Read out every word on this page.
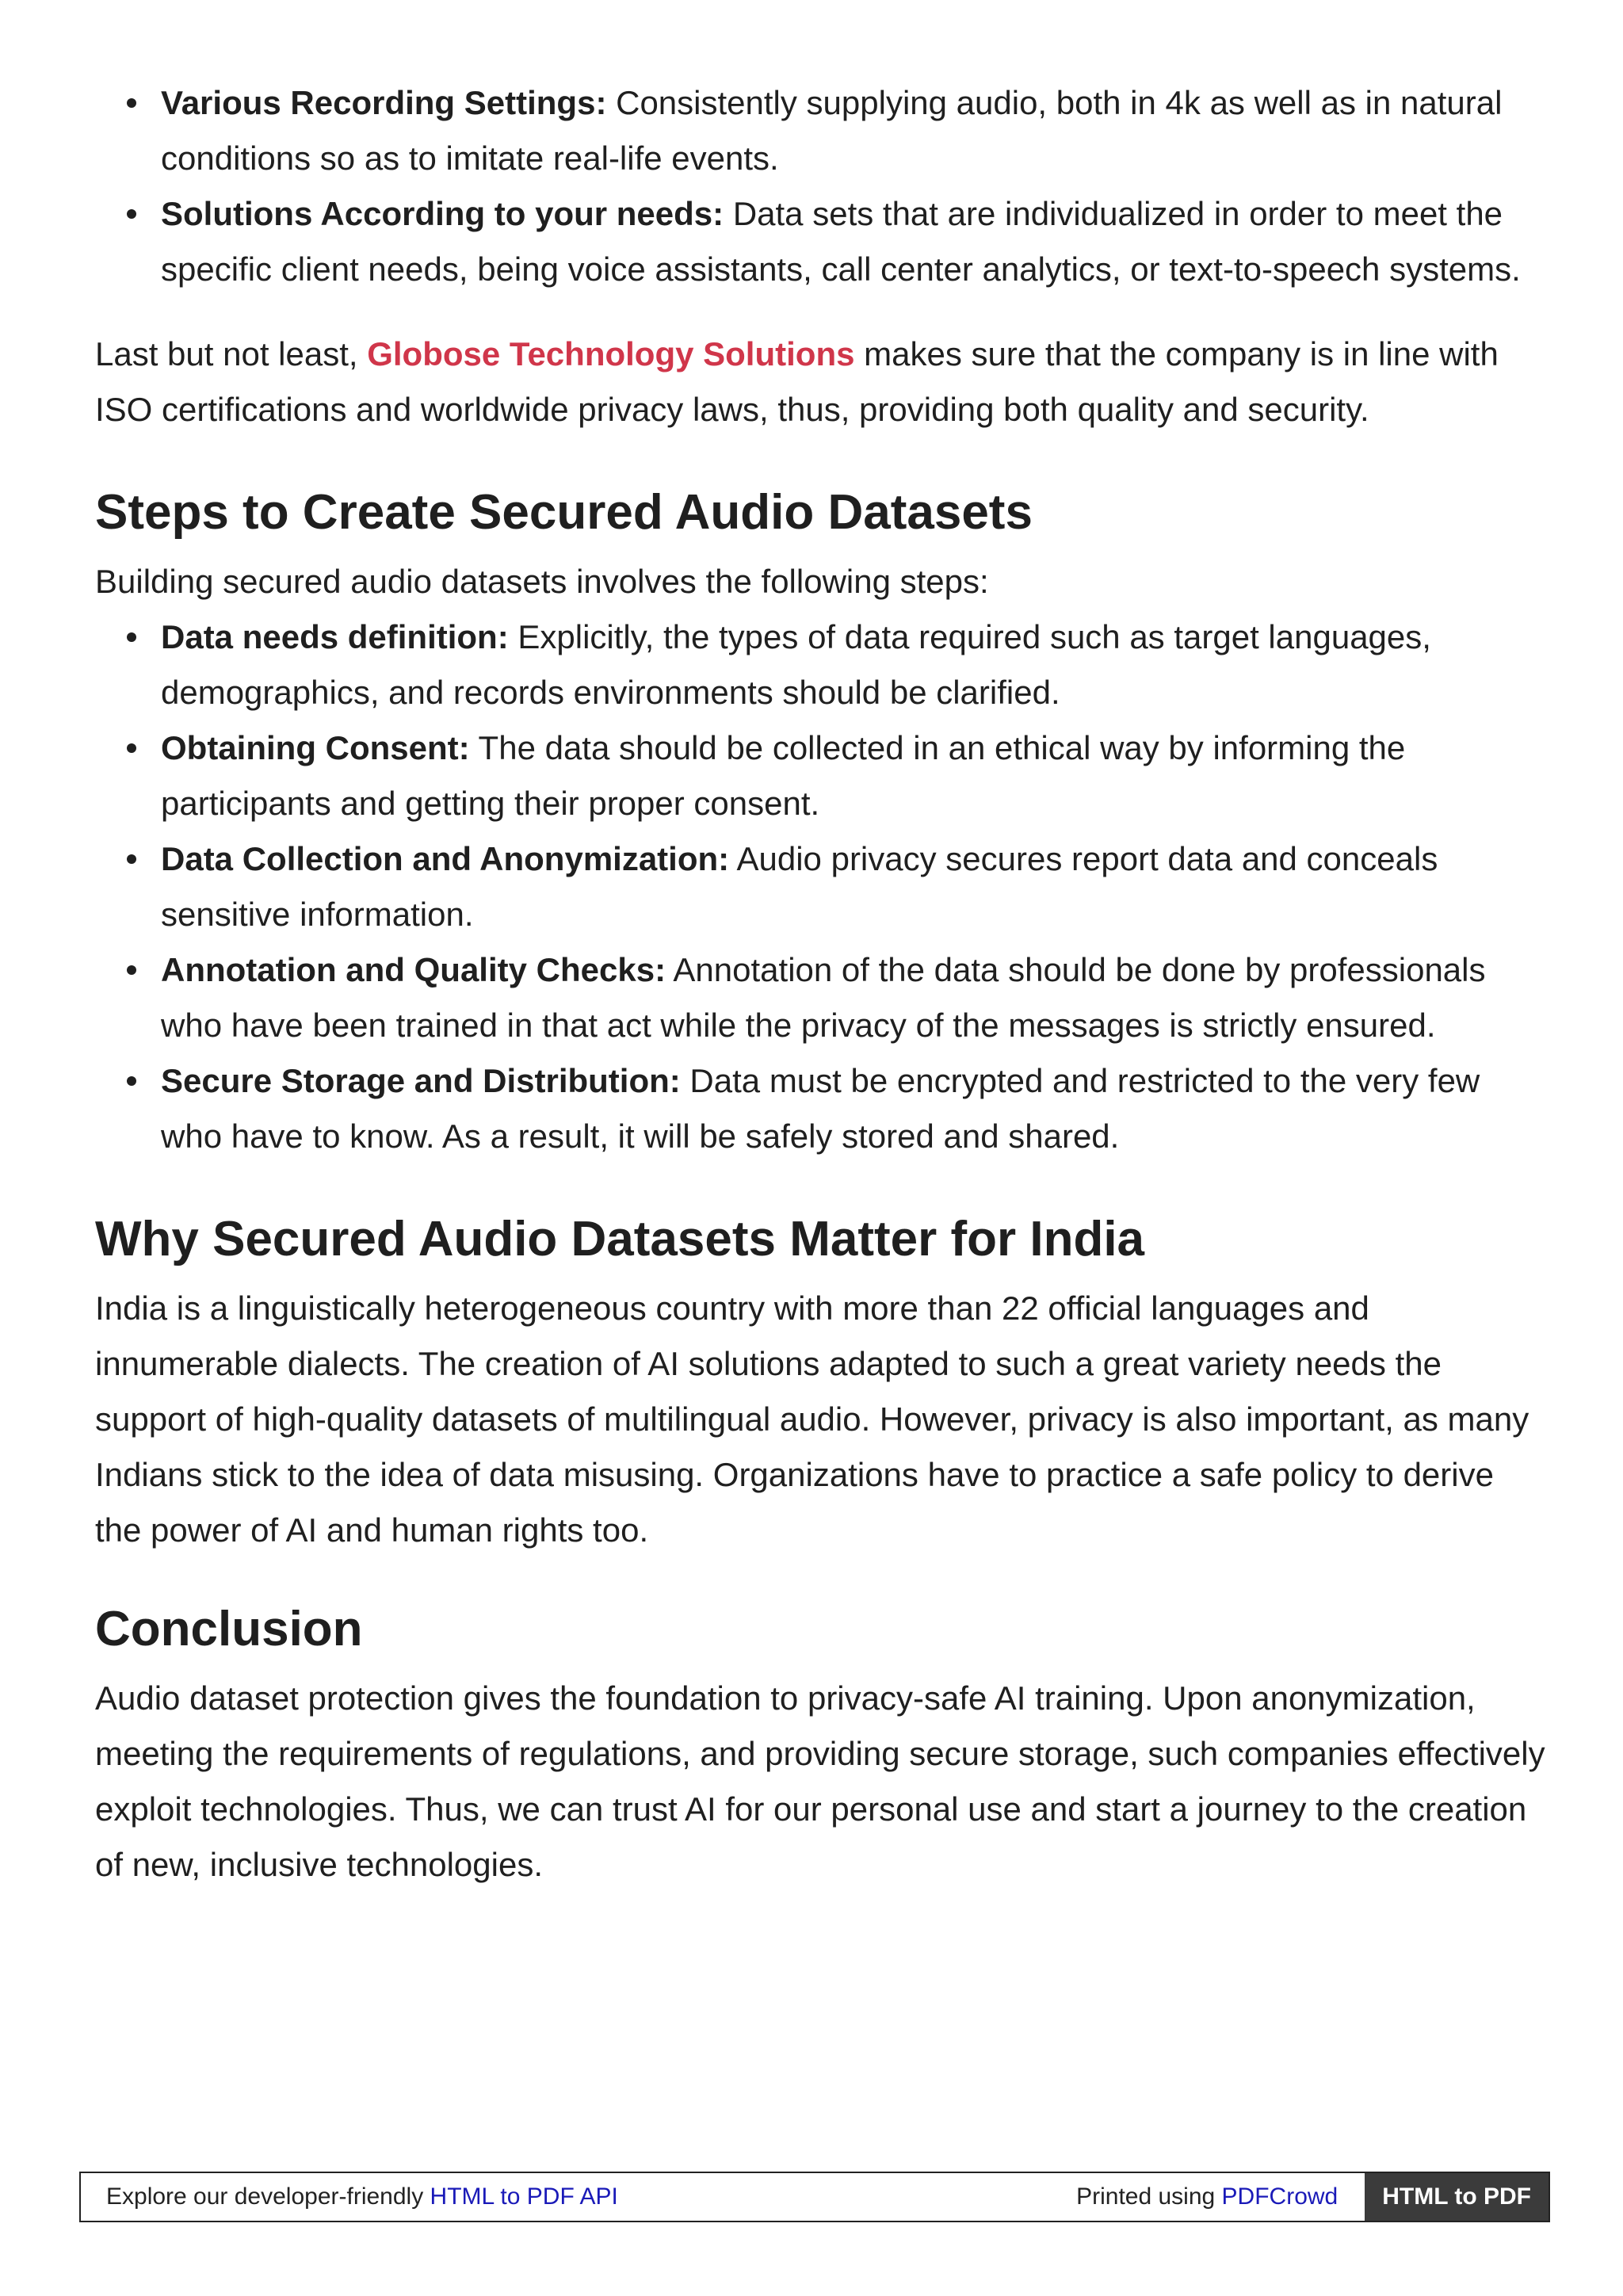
Various Recording Settings: Consistently supplying audio, both in 4k as well as in natural conditions so as to imitate real-life events.
Solutions According to your needs: Data sets that are individualized in order to meet the specific client needs, being voice assistants, call center analytics, or text-to-speech systems.

Last but not least, Globose Technology Solutions makes sure that the company is in line with ISO certifications and worldwide privacy laws, thus, providing both quality and security.

Steps to Create Secured Audio Datasets

Building secured audio datasets involves the following steps:

Data needs definition: Explicitly, the types of data required such as target languages, demographics, and records environments should be clarified.
Obtaining Consent: The data should be collected in an ethical way by informing the participants and getting their proper consent.
Data Collection and Anonymization: Audio privacy secures report data and conceals sensitive information.
Annotation and Quality Checks: Annotation of the data should be done by professionals who have been trained in that act while the privacy of the messages is strictly ensured.
Secure Storage and Distribution: Data must be encrypted and restricted to the very few who have to know. As a result, it will be safely stored and shared.
Why Secured Audio Datasets Matter for India

India is a linguistically heterogeneous country with more than 22 official languages and innumerable dialects. The creation of AI solutions adapted to such a great variety needs the support of high-quality datasets of multilingual audio. However, privacy is also important, as many Indians stick to the idea of data misusing. Organizations have to practice a safe policy to derive the power of AI and human rights too.

Conclusion

Audio dataset protection gives the foundation to privacy-safe AI training. Upon anonymization, meeting the requirements of regulations, and providing secure storage, such companies effectively exploit technologies. Thus, we can trust AI for our personal use and start a journey to the creation of new, inclusive technologies.

Explore our developer-friendly HTML to PDF API	Printed using PDFCrowd	HTML to PDF
